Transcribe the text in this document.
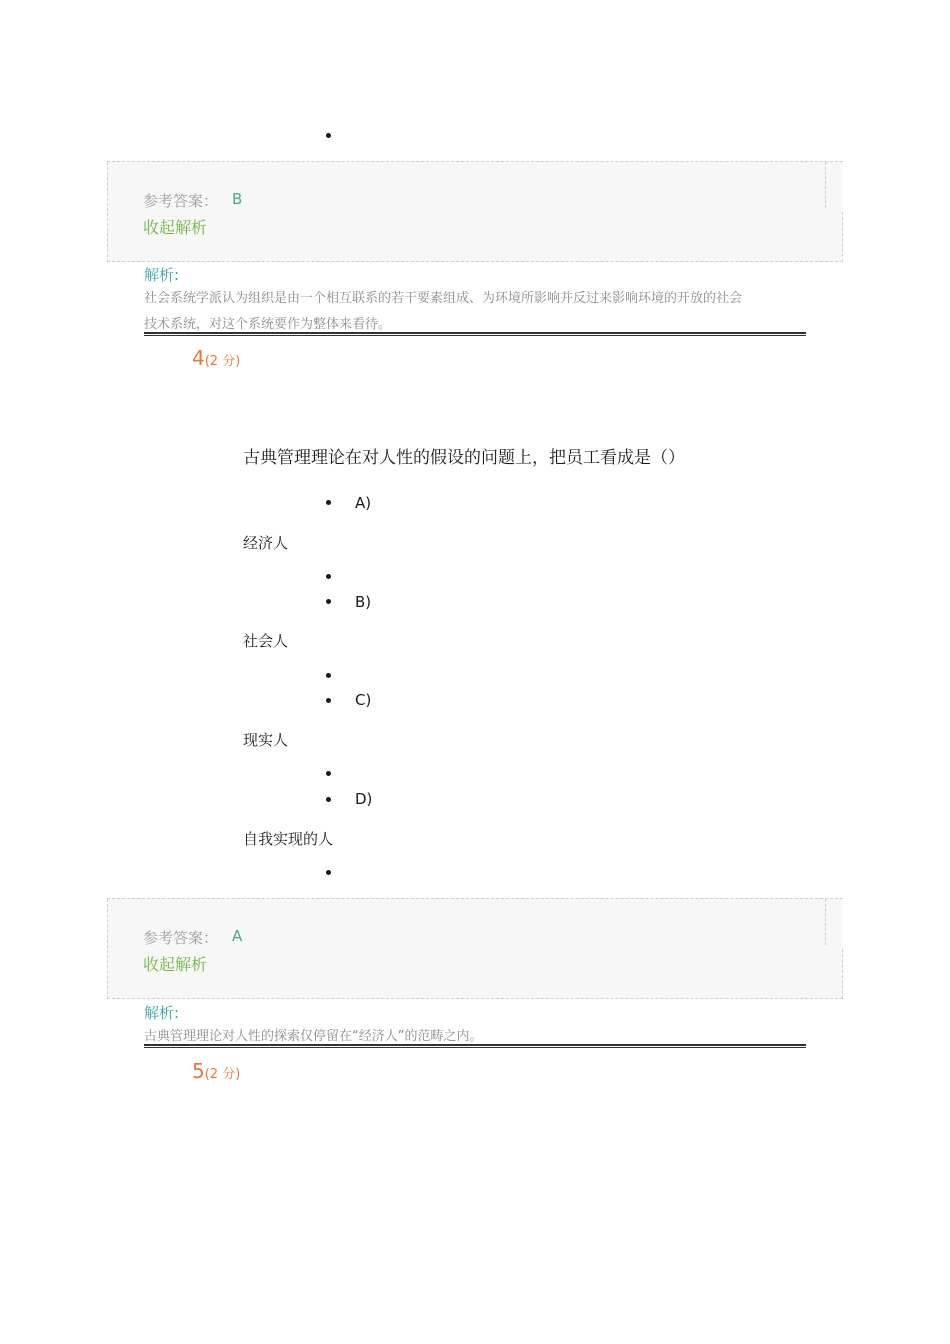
参考答案： B
收起解析
解析:
社会系统学派认为组织是由一个相互联系的若干要素组成、为环境所影响并反过来影响环境的开放的社会
技术系统，对这个系统要作为整体来看待。
4(2 分)
古典管理理论在对人性的假设的问题上，把员工看成是（）
A)
经济人
B)
社会人
C)
现实人
D)
自我实现的人
参考答案： A
收起解析
解析:
古典管理理论对人性的探索仅停留在“经济人”的范畴之内。
5(2 分)
